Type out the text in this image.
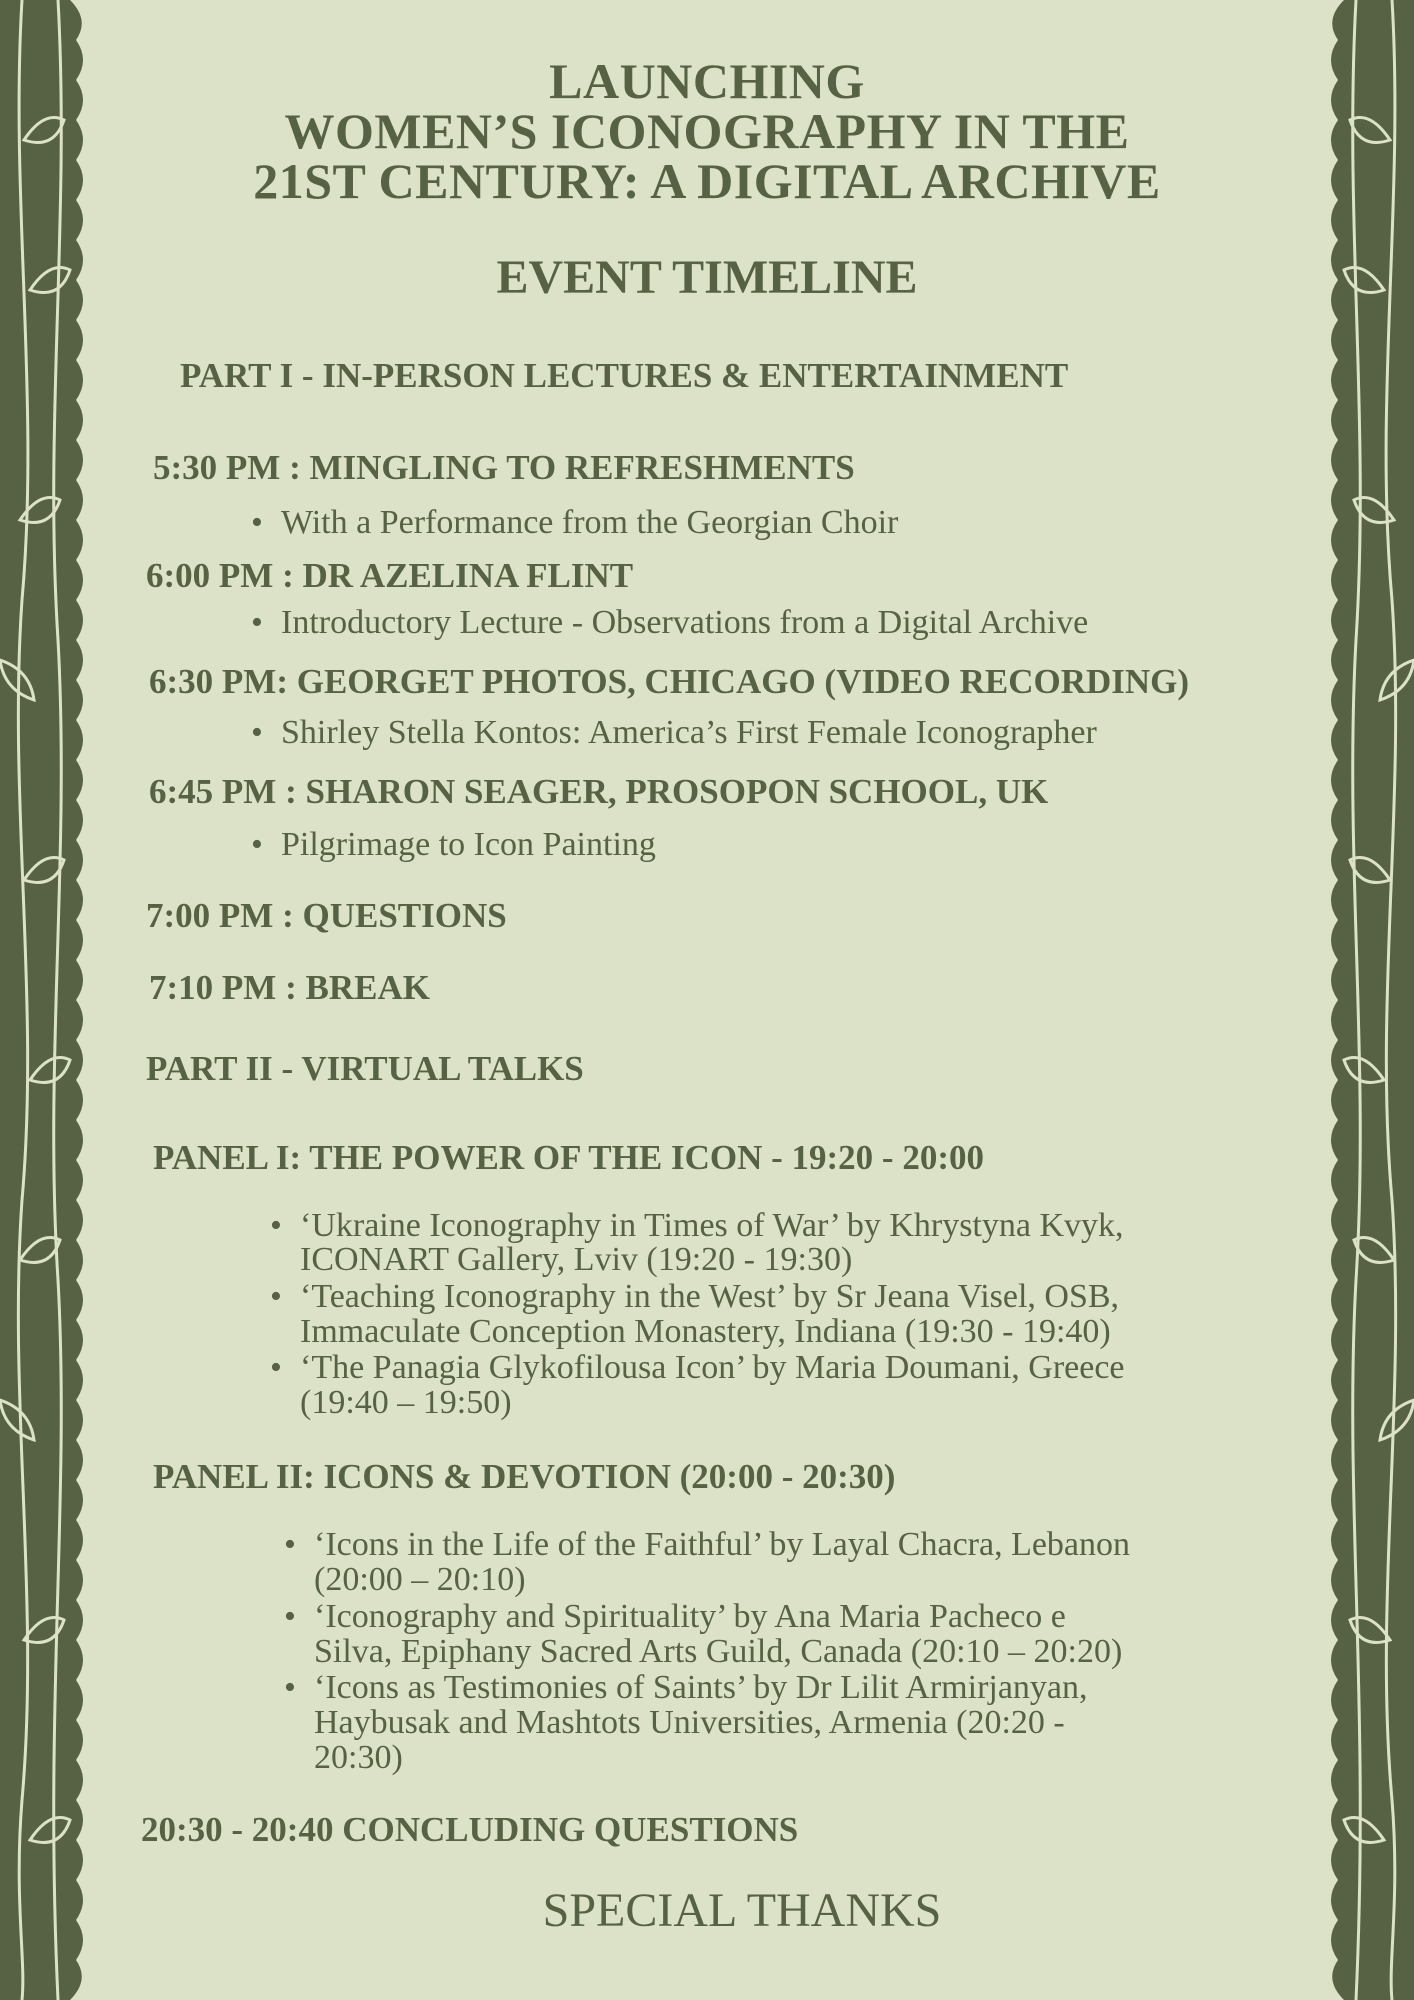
LAUNCHING
WOMEN’S ICONOGRAPHY IN THE
21ST CENTURY: A DIGITAL ARCHIVE
EVENT TIMELINE
PART I - IN-PERSON LECTURES & ENTERTAINMENT
5:30 PM : MINGLING TO REFRESHMENTS
• With a Performance from the Georgian Choir
6:00 PM : DR AZELINA FLINT
• Introductory Lecture - Observations from a Digital Archive
6:30 PM: GEORGET PHOTOS, CHICAGO (VIDEO RECORDING)
• Shirley Stella Kontos: America’s First Female Iconographer
6:45 PM : SHARON SEAGER, PROSOPON SCHOOL, UK
• Pilgrimage to Icon Painting
7:00 PM : QUESTIONS
7:10 PM : BREAK
PART II - VIRTUAL TALKS
PANEL I: THE POWER OF THE ICON - 19:20 - 20:00
• ‘Ukraine Iconography in Times of War’ by Khrystyna Kvyk,
ICONART Gallery, Lviv (19:20 - 19:30)
• ‘Teaching Iconography in the West’ by Sr Jeana Visel, OSB,
Immaculate Conception Monastery, Indiana (19:30 - 19:40)
• ‘The Panagia Glykofilousa Icon’ by Maria Doumani, Greece
(19:40 – 19:50)
PANEL II: ICONS & DEVOTION (20:00 - 20:30)
• ‘Icons in the Life of the Faithful’ by Layal Chacra, Lebanon
(20:00 – 20:10)
• ‘Iconography and Spirituality’ by Ana Maria Pacheco e
Silva, Epiphany Sacred Arts Guild, Canada (20:10 – 20:20)
• ‘Icons as Testimonies of Saints’ by Dr Lilit Armirjanyan,
Haybusak and Mashtots Universities, Armenia (20:20 -
20:30)
20:30 - 20:40 CONCLUDING QUESTIONS
SPECIAL THANKS
